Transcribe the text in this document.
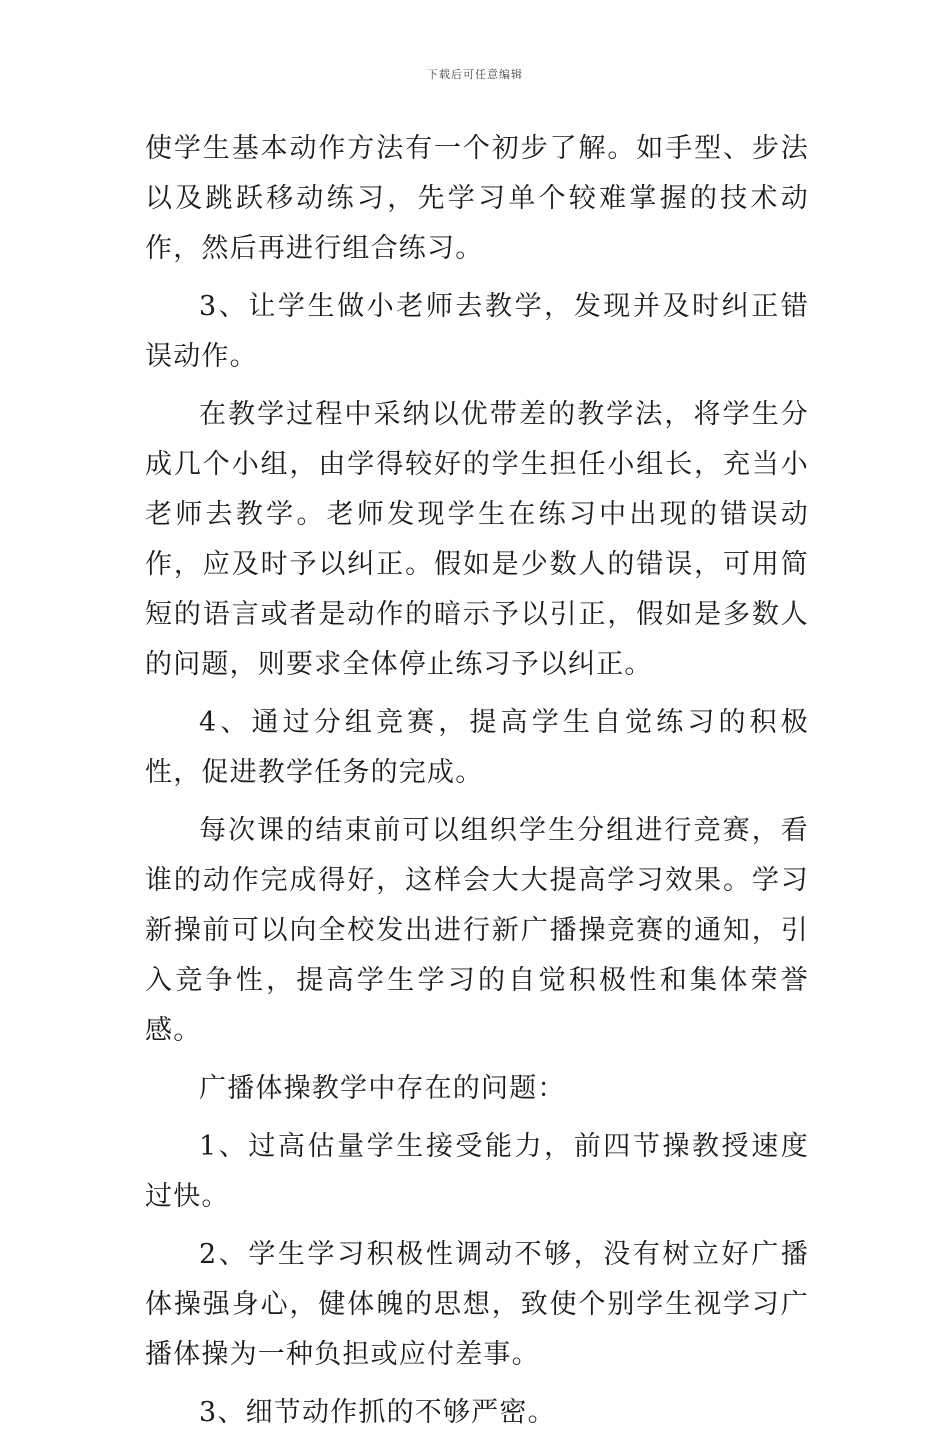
下载后可任意编辑

使学生基本动作方法有一个初步了解。如手型、步法以及跳跃移动练习，先学习单个较难掌握的技术动作，然后再进行组合练习。

3、让学生做小老师去教学，发现并及时纠正错误动作。

在教学过程中采纳以优带差的教学法，将学生分成几个小组，由学得较好的学生担任小组长，充当小老师去教学。老师发现学生在练习中出现的错误动作，应及时予以纠正。假如是少数人的错误，可用简短的语言或者是动作的暗示予以引正，假如是多数人的问题，则要求全体停止练习予以纠正。

4、通过分组竞赛，提高学生自觉练习的积极性，促进教学任务的完成。

每次课的结束前可以组织学生分组进行竞赛，看谁的动作完成得好，这样会大大提高学习效果。学习新操前可以向全校发出进行新广播操竞赛的通知，引入竞争性，提高学生学习的自觉积极性和集体荣誉感。

广播体操教学中存在的问题：

1、过高估量学生接受能力，前四节操教授速度过快。

2、学生学习积极性调动不够，没有树立好广播体操强身心，健体魄的思想，致使个别学生视学习广播体操为一种负担或应付差事。

3、细节动作抓的不够严密。
